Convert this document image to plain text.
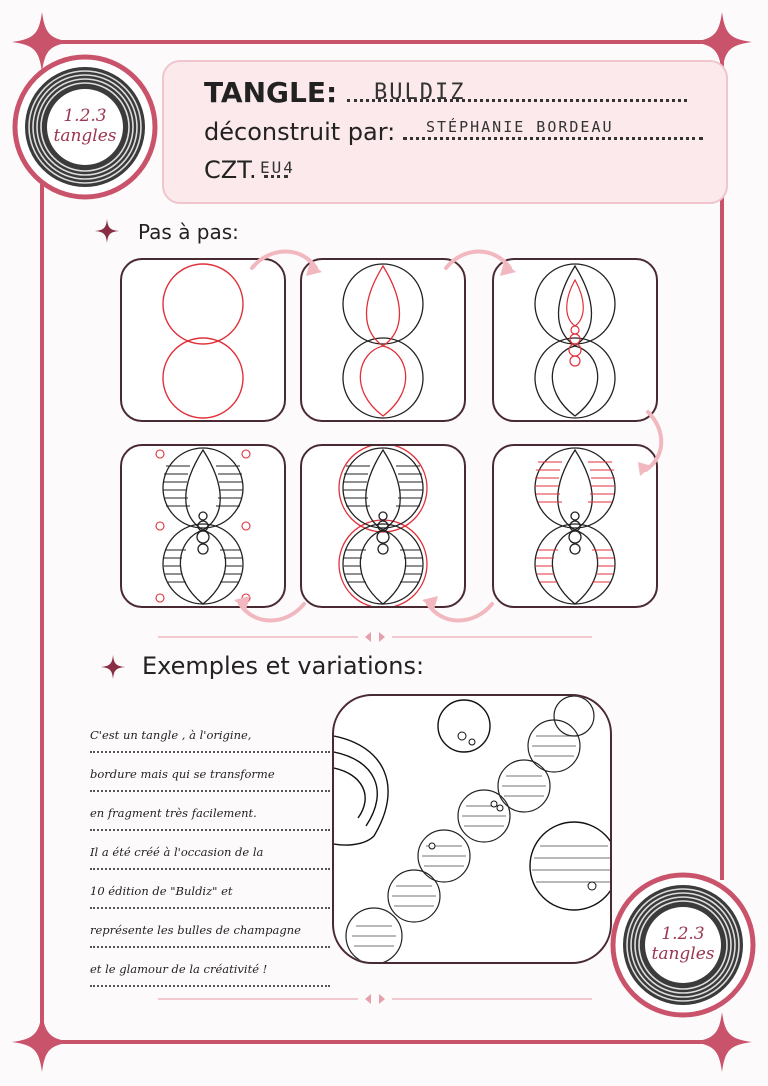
1.2.3
tangles
1.2.3
tangles
TANGLE:	BULDIZ
déconstruit par:	STÉPHANIE BORDEAU
CZT. EU4
Pas à pas:
Exemples et variations:
C'est un tangle , à l'origine,
bordure mais qui se transforme
en fragment très facilement.
Il a été créé à l'occasion de la
10 édition de "Buldiz" et
représente les bulles de champagne
et le glamour de la créativité !
